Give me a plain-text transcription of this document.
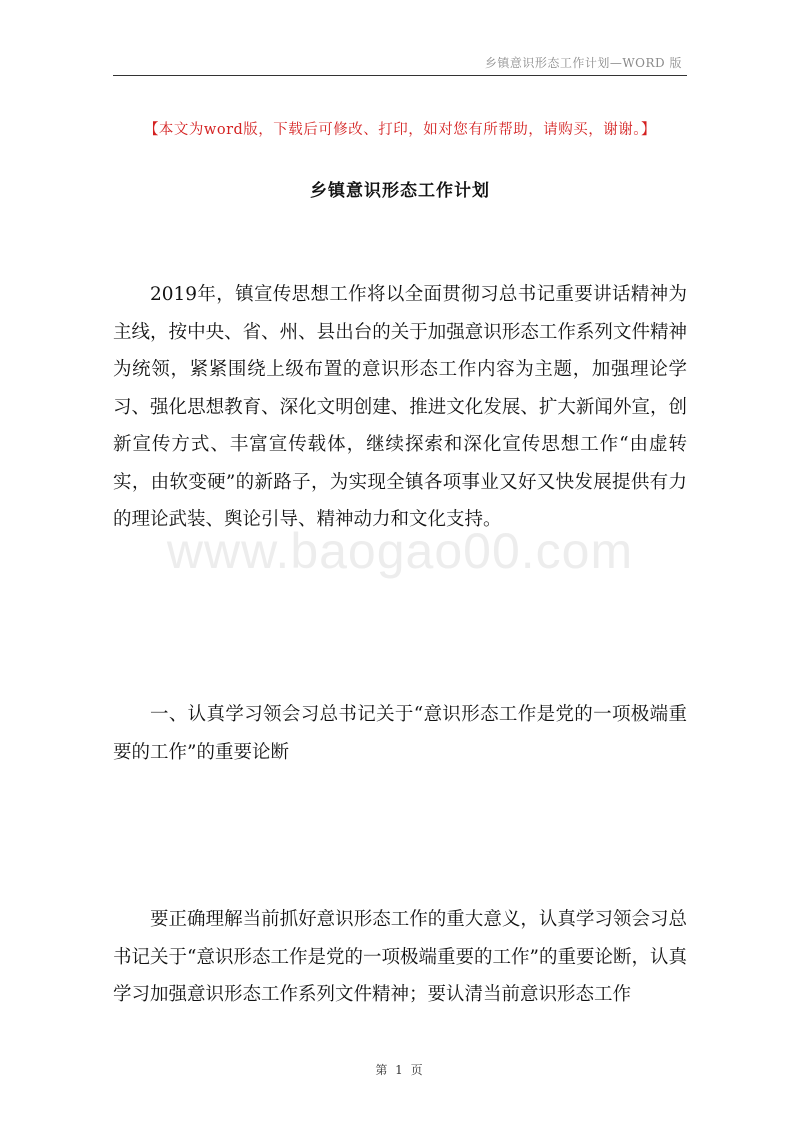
乡镇意识形态工作计划—WORD 版
【本文为word版，下载后可修改、打印，如对您有所帮助，请购买，谢谢。】
乡镇意识形态工作计划
www.baogao00.com

2019年，镇宣传思想工作将以全面贯彻习总书记重要讲话精神为主线，按中央、省、州、县出台的关于加强意识形态工作系列文件精神为统领，紧紧围绕上级布置的意识形态工作内容为主题，加强理论学习、强化思想教育、深化文明创建、推进文化发展、扩大新闻外宣，创新宣传方式、丰富宣传载体，继续探索和深化宣传思想工作“由虚转实，由软变硬”的新路子，为实现全镇各项事业又好又快发展提供有力的理论武装、舆论引导、精神动力和文化支持。

一、认真学习领会习总书记关于“意识形态工作是党的一项极端重要的工作”的重要论断

要正确理解当前抓好意识形态工作的重大意义，认真学习领会习总书记关于“意识形态工作是党的一项极端重要的工作”的重要论断，认真学习加强意识形态工作系列文件精神；要认清当前意识形态工作

第 1 页
